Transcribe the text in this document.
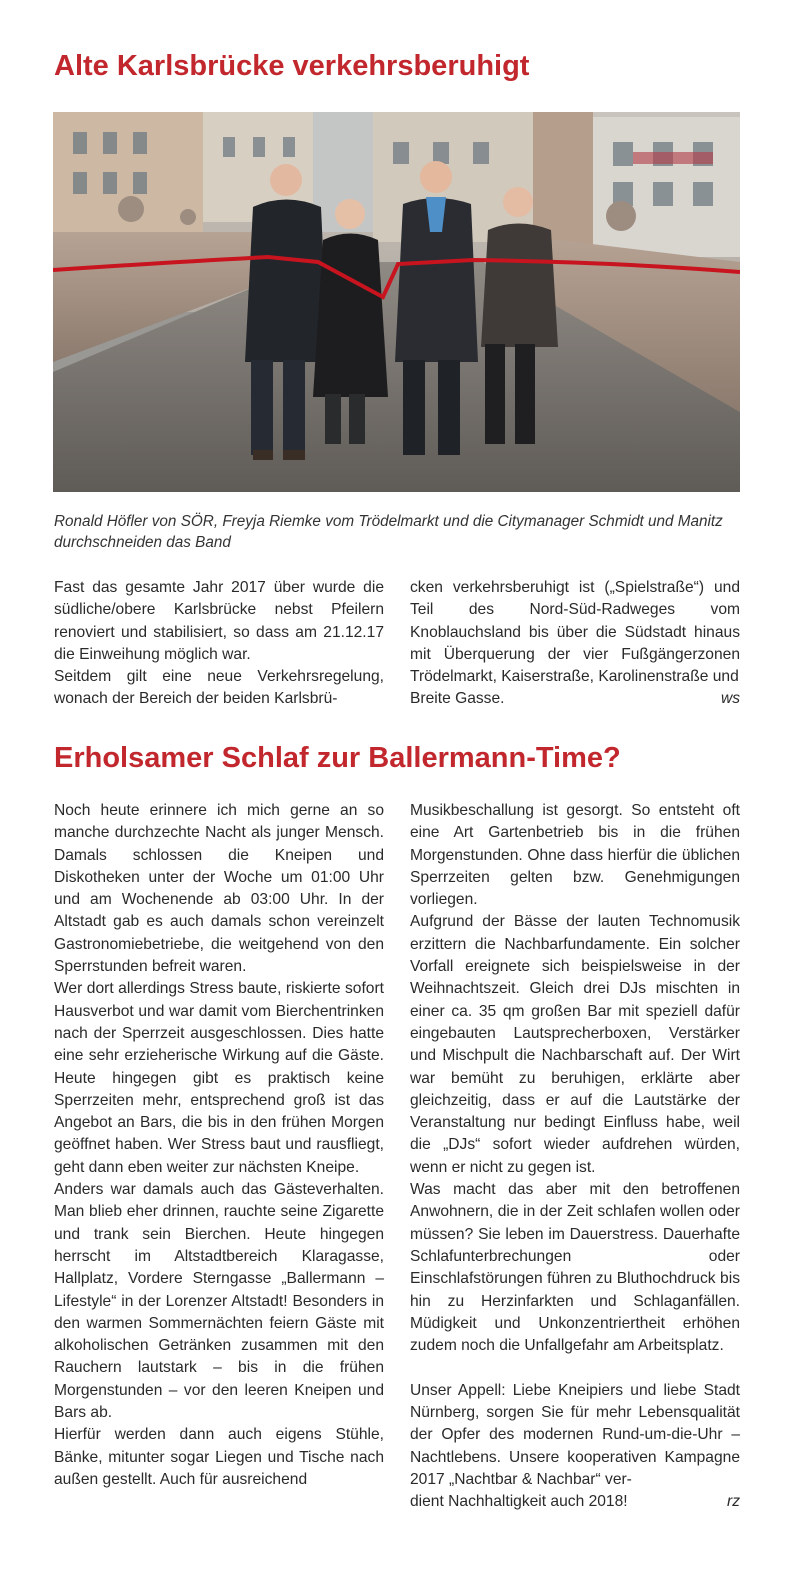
Alte Karlsbrücke verkehrsberuhigt

Ronald Höfler von SÖR, Freyja Riemke vom Trödelmarkt und die Citymanager Schmidt und Manitz durchschneiden das Band

Fast das gesamte Jahr 2017 über wurde die südliche/obere Karlsbrücke nebst Pfeilern renoviert und stabilisiert, so dass am 21.12.17 die Einweihung möglich war.

Seitdem gilt eine neue Verkehrsregelung, wonach der Bereich der beiden Karlsbrü-

cken verkehrsberuhigt ist („Spielstraße“) und Teil des Nord-Süd-Radweges vom Knoblauchsland bis über die Südstadt hinaus mit Überquerung der vier Fußgängerzonen Trödelmarkt, Kaiserstraße, Karolinenstraße und

Breite Gasse.	ws
Erholsamer Schlaf zur Ballermann-Time?

Noch heute erinnere ich mich gerne an so manche durchzechte Nacht als junger Mensch. Damals schlossen die Kneipen und Diskotheken unter der Woche um 01:00 Uhr und am Wochenende ab 03:00 Uhr. In der Altstadt gab es auch damals schon vereinzelt Gastronomiebetriebe, die weitgehend von den Sperrstunden befreit waren.

Wer dort allerdings Stress baute, riskierte sofort Hausverbot und war damit vom Bierchentrinken nach der Sperrzeit ausgeschlossen. Dies hatte eine sehr erzieherische Wirkung auf die Gäste. Heute hingegen gibt es praktisch keine Sperrzeiten mehr, entsprechend groß ist das Angebot an Bars, die bis in den frühen Morgen geöffnet haben. Wer Stress baut und rausfliegt, geht dann eben weiter zur nächsten Kneipe.

Anders war damals auch das Gästeverhalten. Man blieb eher drinnen, rauchte seine Zigarette und trank sein Bierchen. Heute hingegen herrscht im Altstadtbereich Klaragasse, Hallplatz, Vordere Sterngasse „Ballermann – Lifestyle“ in der Lorenzer Altstadt! Besonders in den warmen Sommernächten feiern Gäste mit alkoholischen Getränken zusammen mit den Rauchern lautstark – bis in die frühen Morgenstunden – vor den leeren Kneipen und Bars ab.

Hierfür werden dann auch eigens Stühle, Bänke, mitunter sogar Liegen und Tische nach außen gestellt. Auch für ausreichend

Musikbeschallung ist gesorgt. So entsteht oft eine Art Gartenbetrieb bis in die frühen Morgenstunden. Ohne dass hierfür die üblichen Sperrzeiten gelten bzw. Genehmigungen vorliegen.

Aufgrund der Bässe der lauten Technomusik erzittern die Nachbarfundamente. Ein solcher Vorfall ereignete sich beispielsweise in der Weihnachtszeit. Gleich drei DJs mischten in einer ca. 35 qm großen Bar mit speziell dafür eingebauten Lautsprecherboxen, Verstärker und Mischpult die Nachbarschaft auf. Der Wirt war bemüht zu beruhigen, erklärte aber gleichzeitig, dass er auf die Lautstärke der Veranstaltung nur bedingt Einfluss habe, weil die „DJs“ sofort wieder aufdrehen würden, wenn er nicht zu gegen ist.

Was macht das aber mit den betroffenen Anwohnern, die in der Zeit schlafen wollen oder müssen? Sie leben im Dauerstress. Dauerhafte Schlafunterbrechungen oder Einschlafstörungen führen zu Bluthochdruck bis hin zu Herzinfarkten und Schlaganfällen. Müdigkeit und Unkonzentriertheit erhöhen zudem noch die Unfallgefahr am Arbeitsplatz.

Unser Appell: Liebe Kneipiers und liebe Stadt Nürnberg, sorgen Sie für mehr Lebensqualität der Opfer des modernen Rund-um-die-Uhr – Nachtlebens. Unsere kooperativen Kampagne 2017 „Nachtbar & Nachbar“ ver-

dient Nachhaltigkeit auch 2018!	rz
